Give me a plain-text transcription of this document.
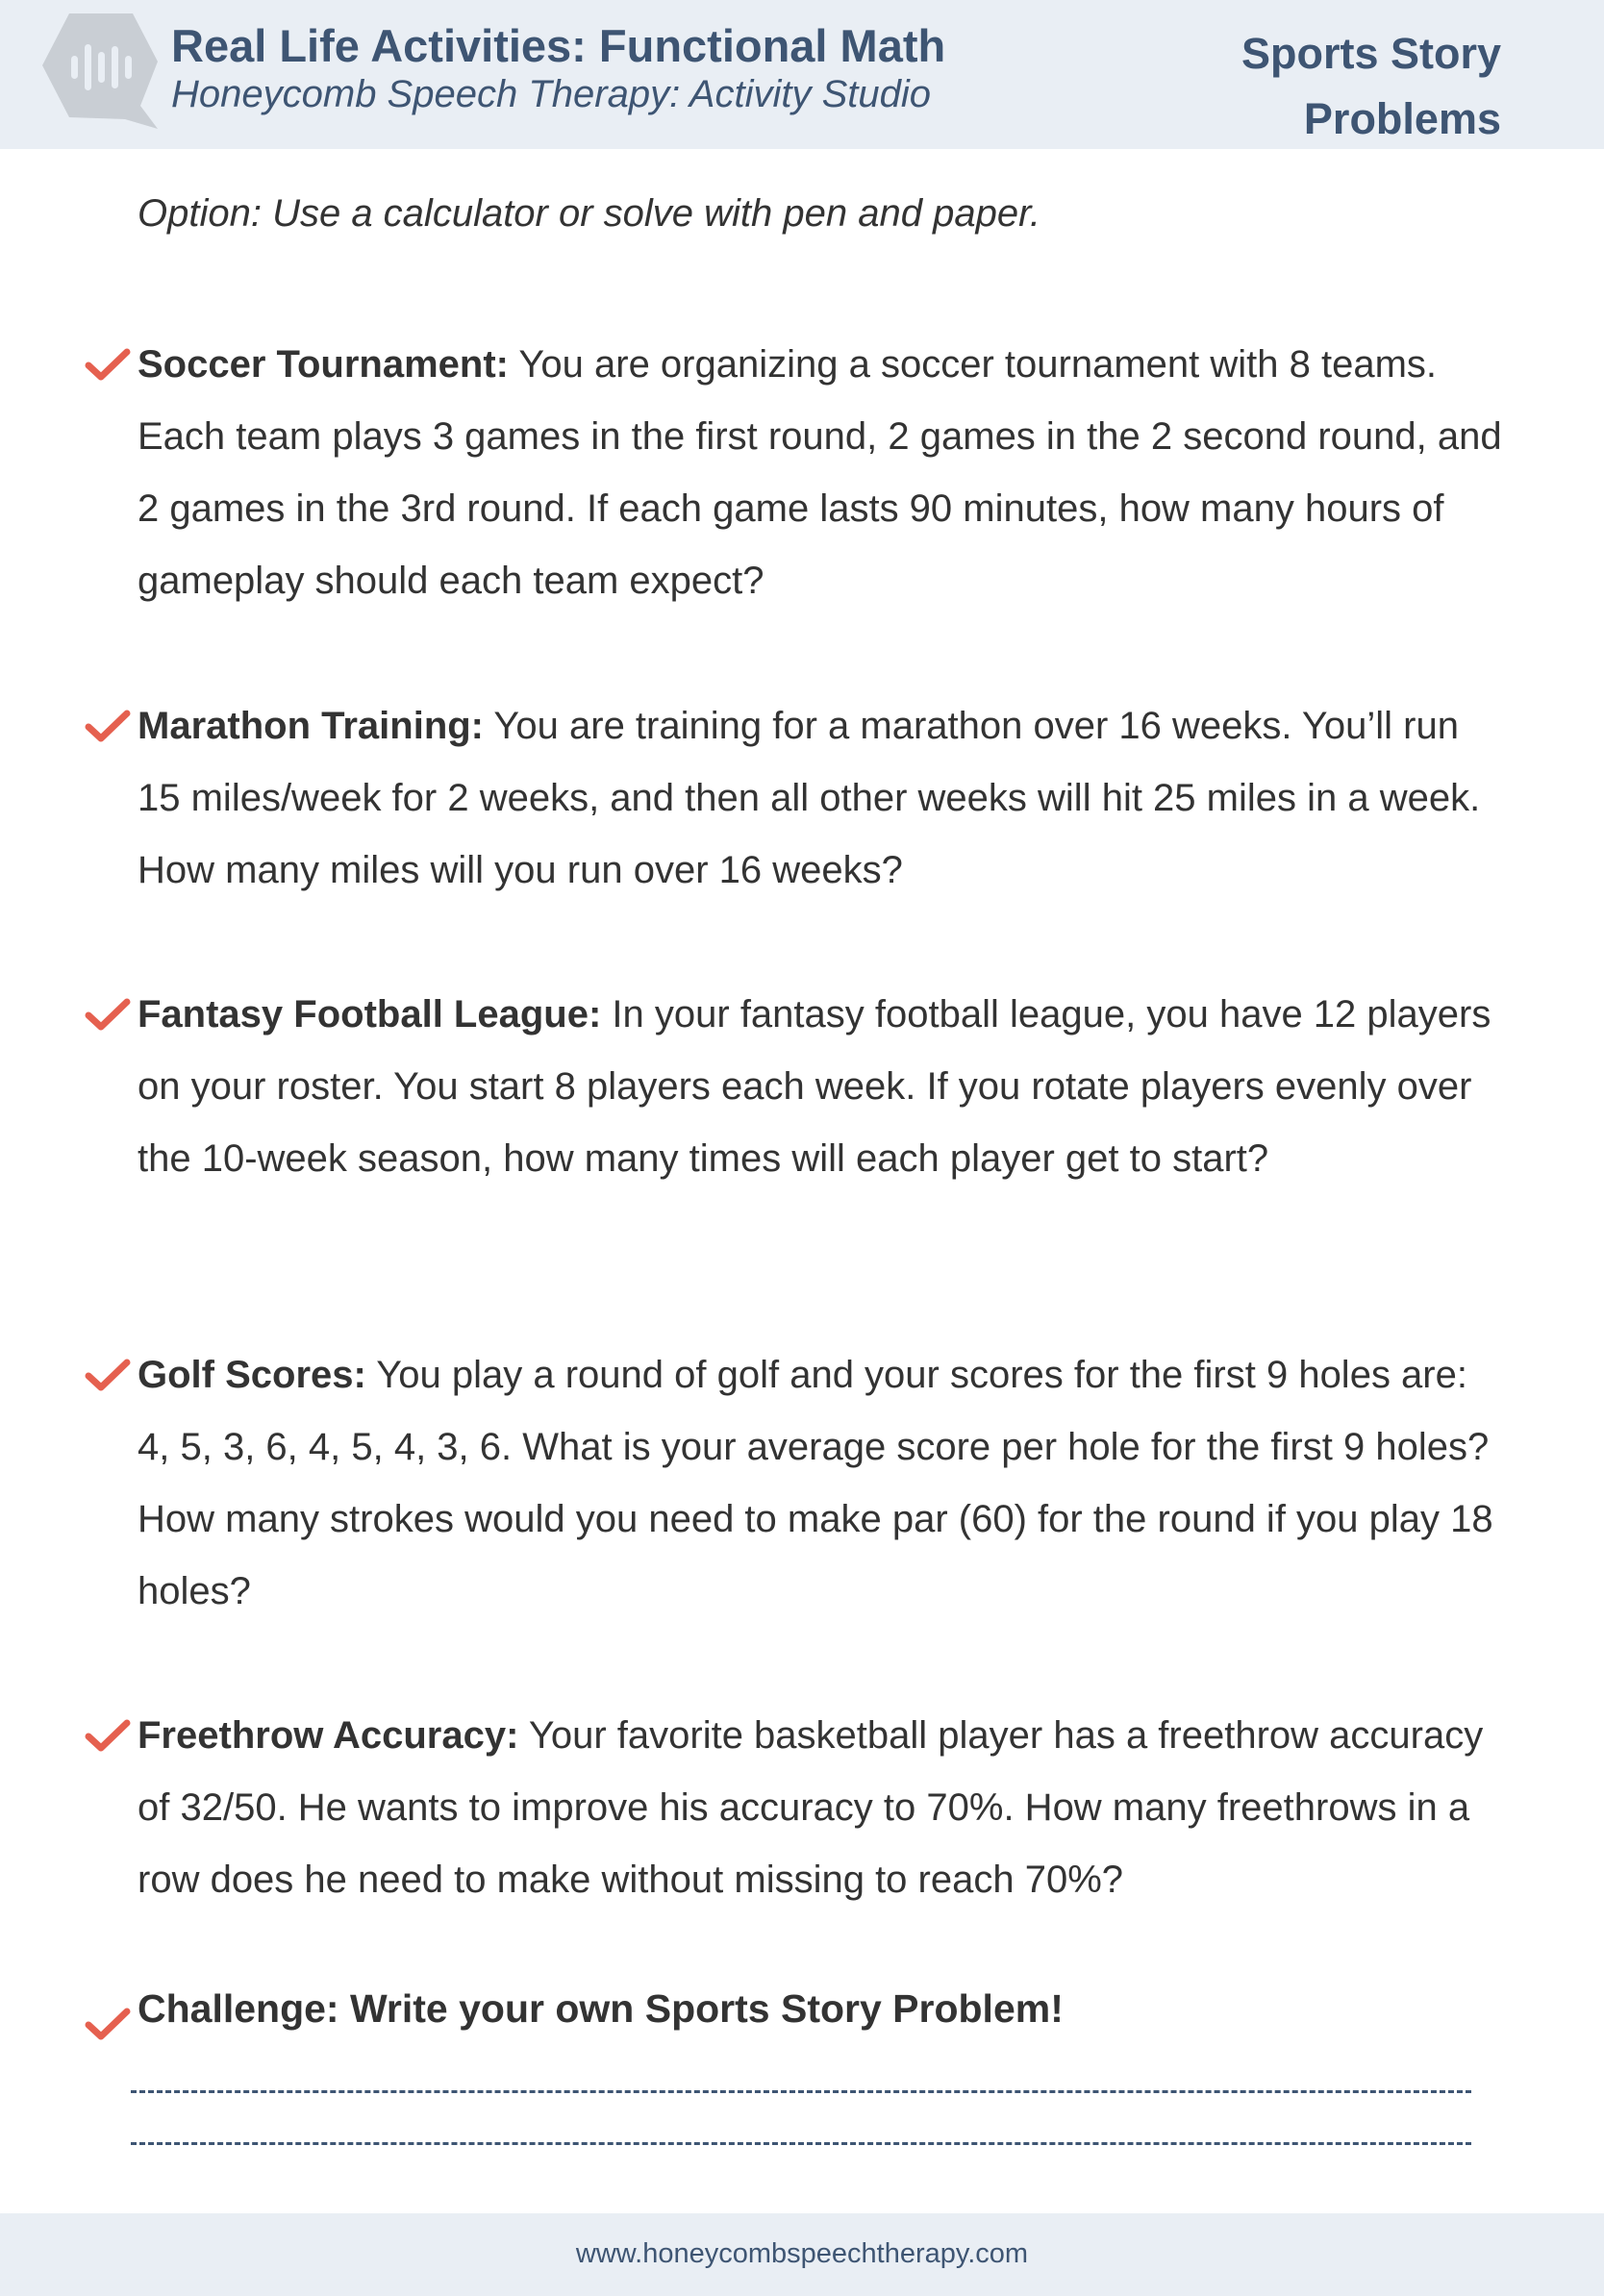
Real Life Activities: Functional Math
Honeycomb Speech Therapy: Activity Studio
Sports Story
Problems
Option: Use a calculator or solve with pen and paper.
Soccer Tournament: You are organizing a soccer tournament with 8 teams. Each team plays 3 games in the first round, 2 games in the 2 second round, and 2 games in the 3rd round. If each game lasts 90 minutes, how many hours of gameplay should each team expect?
Marathon Training: You are training for a marathon over 16 weeks. You’ll run 15 miles/week for 2 weeks, and then all other weeks will hit 25 miles in a week. How many miles will you run over 16 weeks?
Fantasy Football League: In your fantasy football league, you have 12 players on your roster. You start 8 players each week. If you rotate players evenly over the 10-week season, how many times will each player get to start?
Golf Scores: You play a round of golf and your scores for the first 9 holes are: 4, 5, 3, 6, 4, 5, 4, 3, 6. What is your average score per hole for the first 9 holes? How many strokes would you need to make par (60) for the round if you play 18 holes?
Freethrow Accuracy: Your favorite basketball player has a freethrow accuracy of 32/50. He wants to improve his accuracy to 70%. How many freethrows in a row does he need to make without missing to reach 70%?
Challenge: Write your own Sports Story Problem!
www.honeycombspeechtherapy.com
